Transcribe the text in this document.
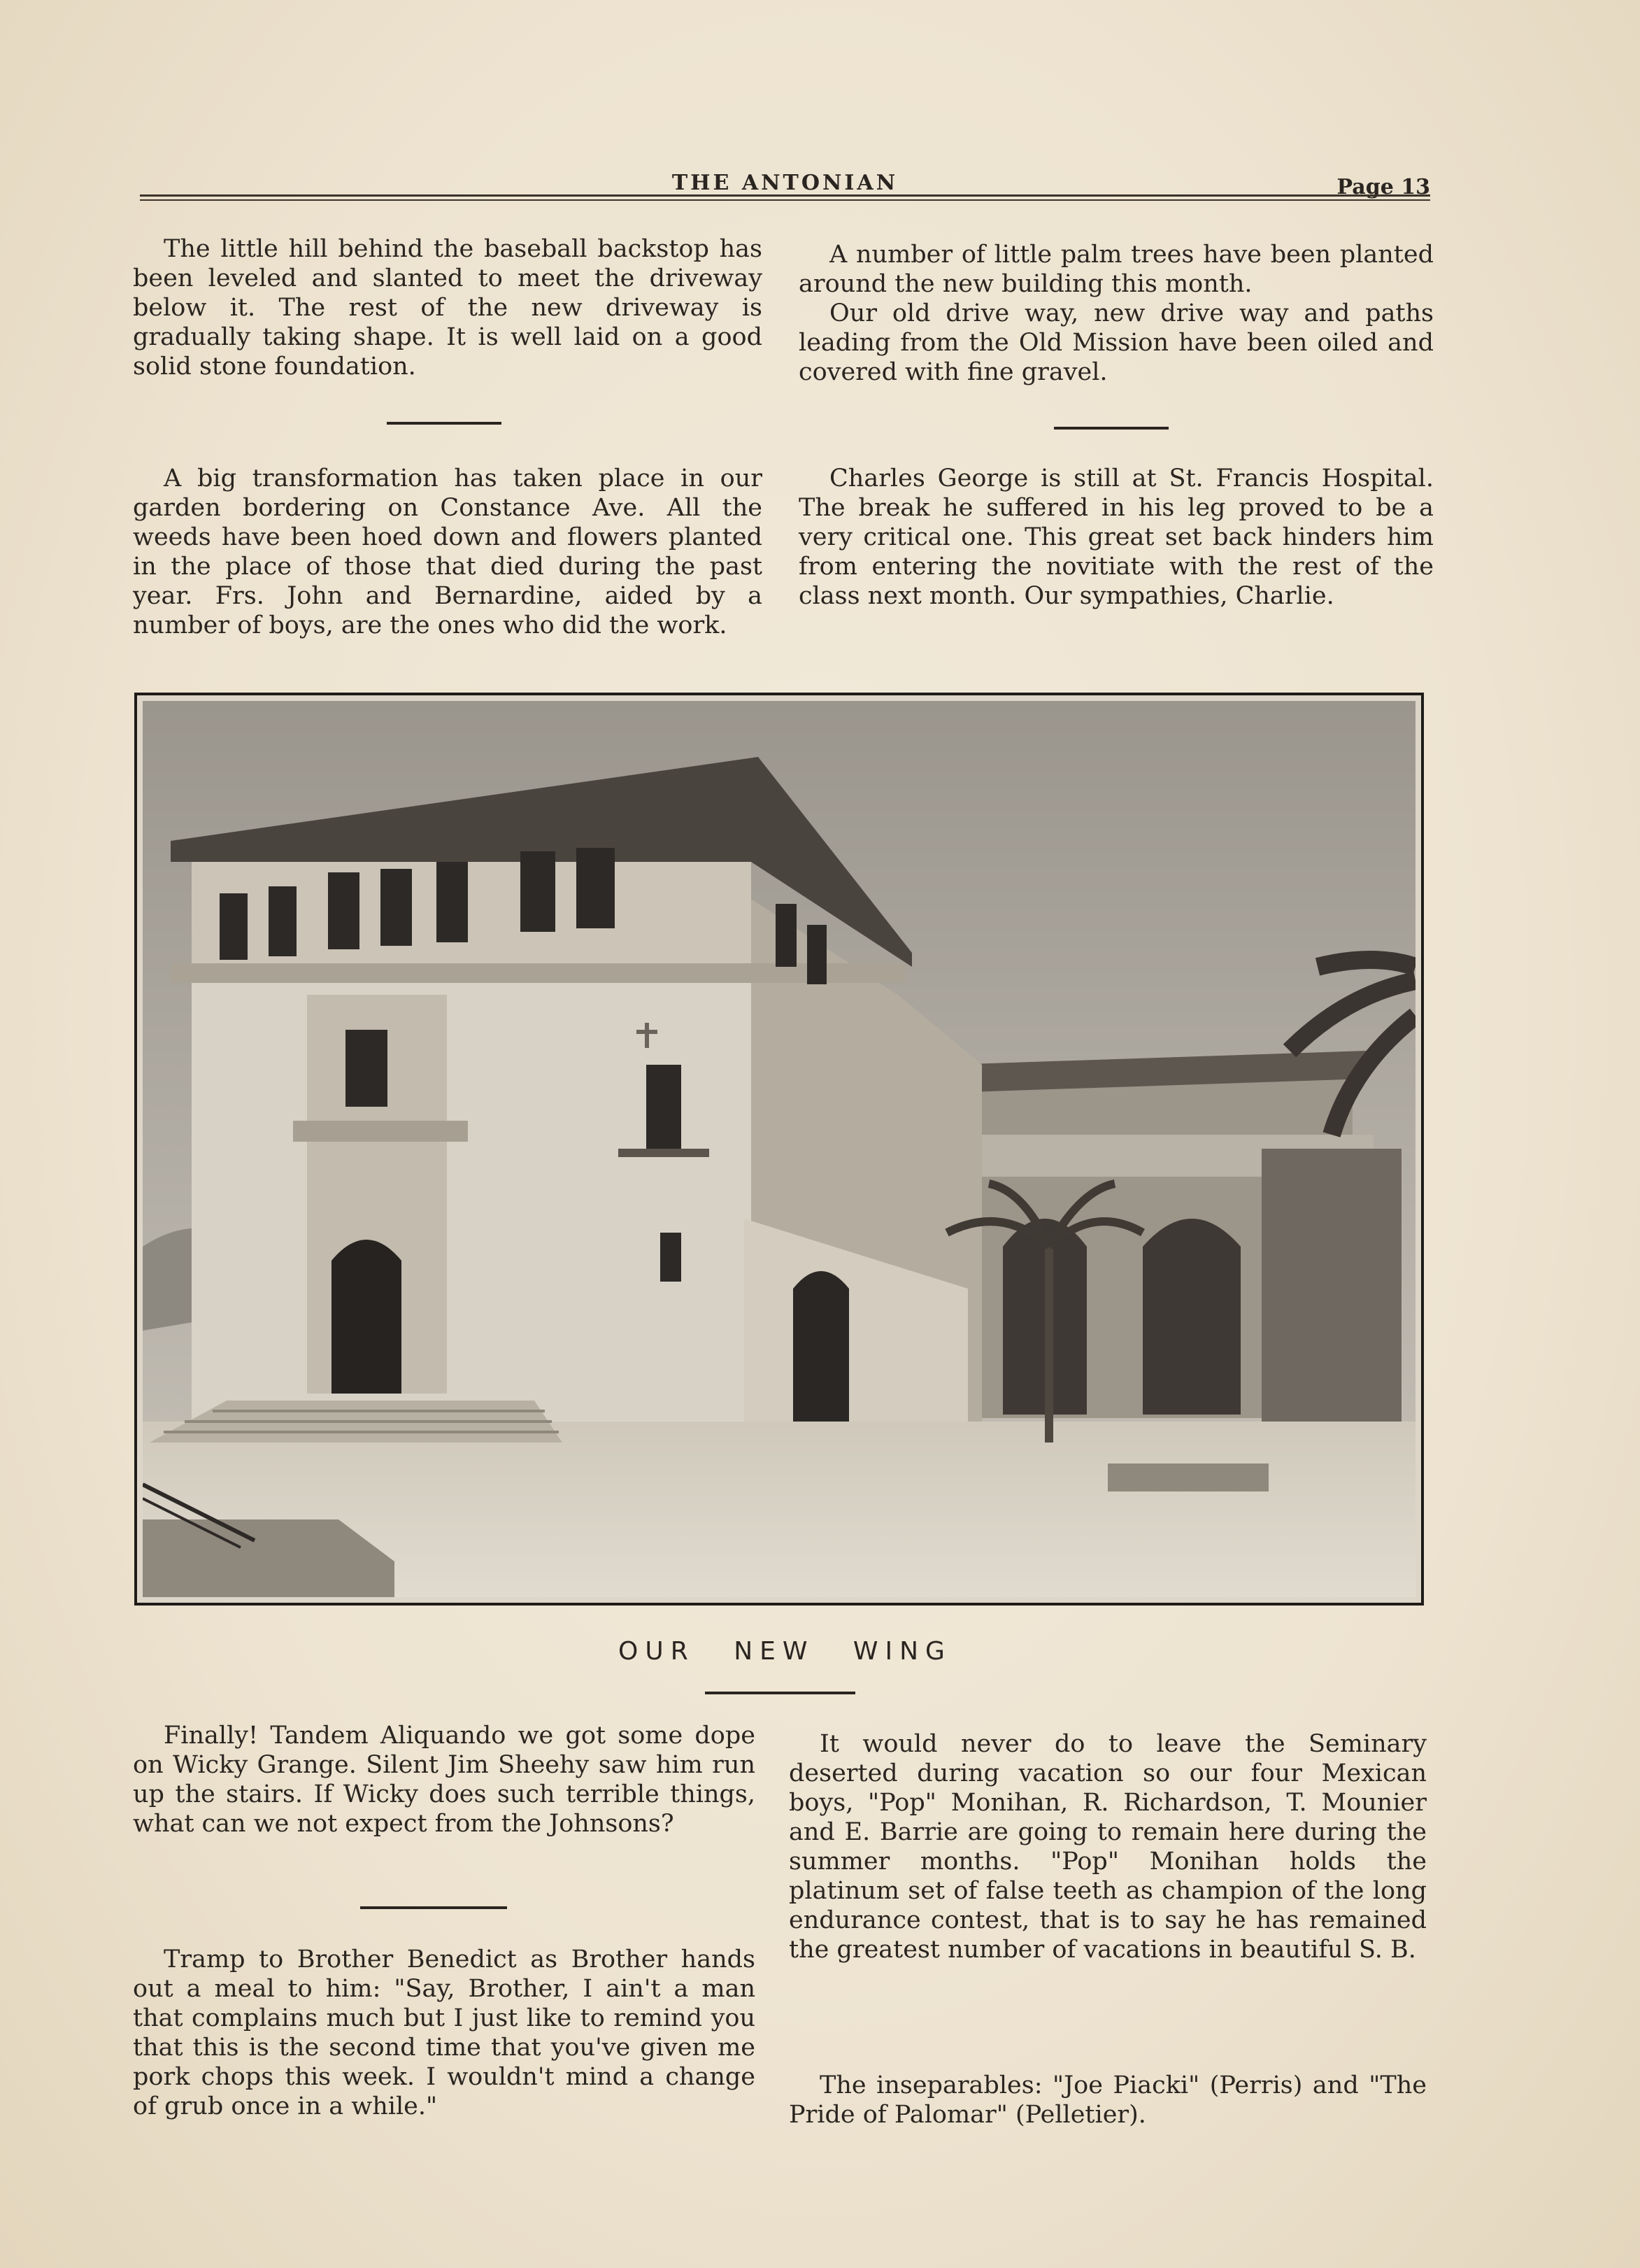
THE ANTONIAN	Page 13

The little hill behind the baseball backstop has been leveled and slanted to meet the driveway below it. The rest of the new driveway is gradually taking shape. It is well laid on a good solid stone foundation.

A number of little palm trees have been planted around the new building this month.

Our old drive way, new drive way and paths leading from the Old Mission have been oiled and covered with fine gravel.

A big transformation has taken place in our garden bordering on Constance Ave. All the weeds have been hoed down and flowers planted in the place of those that died during the past year. Frs. John and Bernardine, aided by a number of boys, are the ones who did the work.

Charles George is still at St. Francis Hospital. The break he suffered in his leg proved to be a very critical one. This great set back hinders him from entering the novitiate with the rest of the class next month. Our sympathies, Charlie.

OUR NEW WING

Finally! Tandem Aliquando we got some dope on Wicky Grange. Silent Jim Sheehy saw him run up the stairs. If Wicky does such terrible things, what can we not expect from the Johnsons?

Tramp to Brother Benedict as Brother hands out a meal to him: "Say, Brother, I ain't a man that complains much but I just like to remind you that this is the second time that you've given me pork chops this week. I wouldn't mind a change of grub once in a while."

It would never do to leave the Seminary deserted during vacation so our four Mexican boys, "Pop" Monihan, R. Richardson, T. Mounier and E. Barrie are going to remain here during the summer months. "Pop" Monihan holds the platinum set of false teeth as champion of the long endurance contest, that is to say he has remained the greatest number of vacations in beautiful S. B.

The inseparables: "Joe Piacki" (Perris) and "The Pride of Palomar" (Pelletier).
